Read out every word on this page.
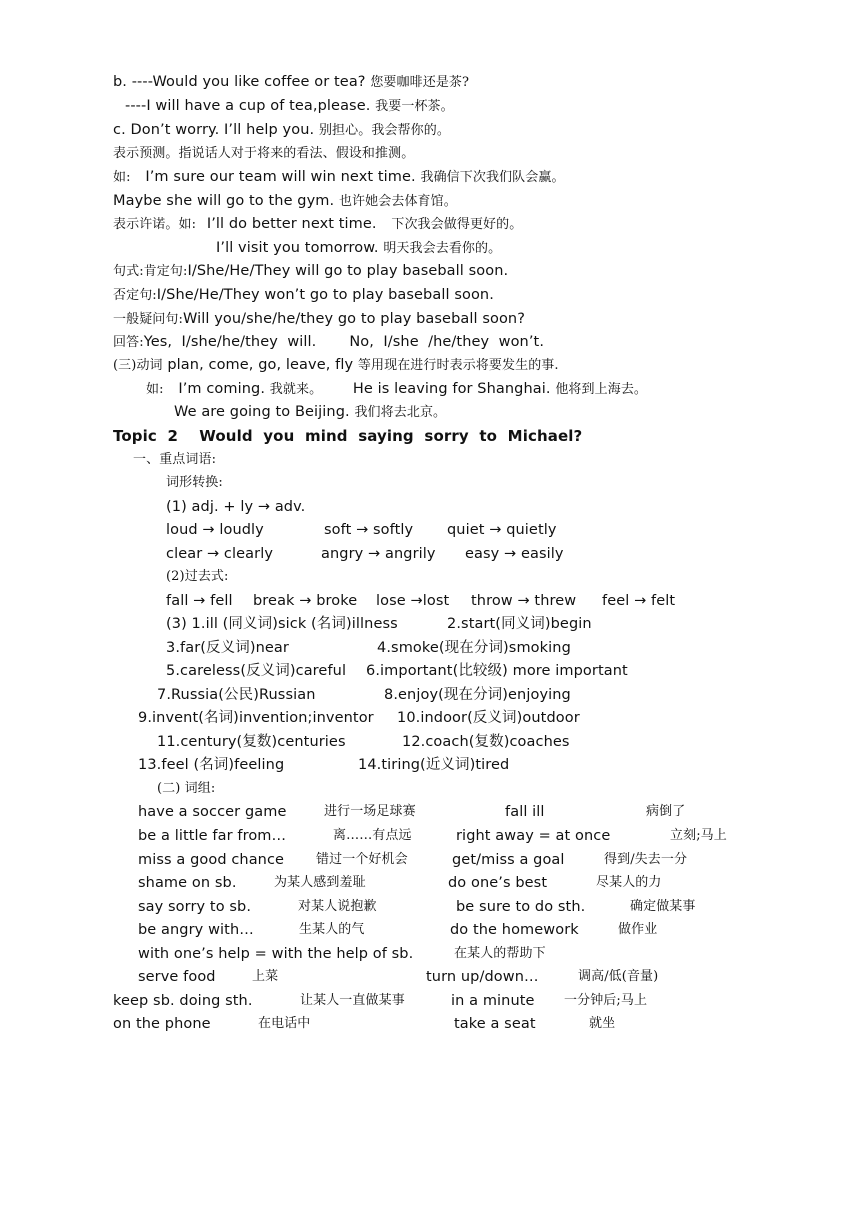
b. ----Would you like coffee or tea? 您要咖啡还是茶?
----I will have a cup of tea,please. 我要一杯茶。
c. Don’t worry. I’ll help you. 别担心。我会帮你的。
表示预测。指说话人对于将来的看法、假设和推测。
如: I’m sure our team will win next time. 我确信下次我们队会赢。
Maybe she will go to the gym. 也许她会去体育馆。
表示许诺。如: I’ll do better next time. 下次我会做得更好的。
I’ll visit you tomorrow. 明天我会去看你的。
句式:肯定句:I/She/He/They will go to play baseball soon.
否定句:I/She/He/They won’t go to play baseball soon.
一般疑问句:Will you/she/he/they go to play baseball soon?
回答:Yes,  I/she/he/they  will.       No,  I/she  /he/they  won’t.
(三)动词 plan, come, go, leave, fly 等用现在进行时表示将要发生的事.
如: I’m coming. 我就来。 He is leaving for Shanghai. 他将到上海去。
We are going to Beijing. 我们将去北京。
Topic  2    Would  you  mind  saying  sorry  to  Michael?
一、重点词语:
词形转换:
(1) adj. + ly → adv.
loud → loudly	soft → softly quiet → quietly
clear → clearly	angry → angrily easy → easily
(2)过去式:
fall → fell break → broke lose →lost throw → threw feel → felt
(3) 1.ill (同义词)sick (名词)illness	2.start(同义词)begin
3.far(反义词)near	4.smoke(现在分词)smoking
5.careless(反义词)careful 6.important(比较级) more important
7.Russia(公民)Russian	8.enjoy(现在分词)enjoying
9.invent(名词)invention;inventor 10.indoor(反义词)outdoor
11.century(复数)centuries	12.coach(复数)coaches
13.feel (名词)feeling	14.tiring(近义词)tired
(二) 词组:
have a soccer game	进行一场足球赛	fall ill	病倒了
be a little far from…	离……有点远	right away = at once	立刻;马上
miss a good chance 错过一个好机会	get/miss a goal	得到/失去一分
shame on sb.	为某人感到羞耻	do one’s best	尽某人的力
say sorry to sb.	对某人说抱歉	be sure to do sth.	确定做某事
be angry with…	生某人的气	do the homework	做作业
with one’s help = with the help of sb.	在某人的帮助下
serve food	上菜	turn up/down…	调高/低(音量)
keep sb. doing sth.	让某人一直做某事	in a minute 一分钟后;马上
on the phone	在电话中	take a seat	就坐
